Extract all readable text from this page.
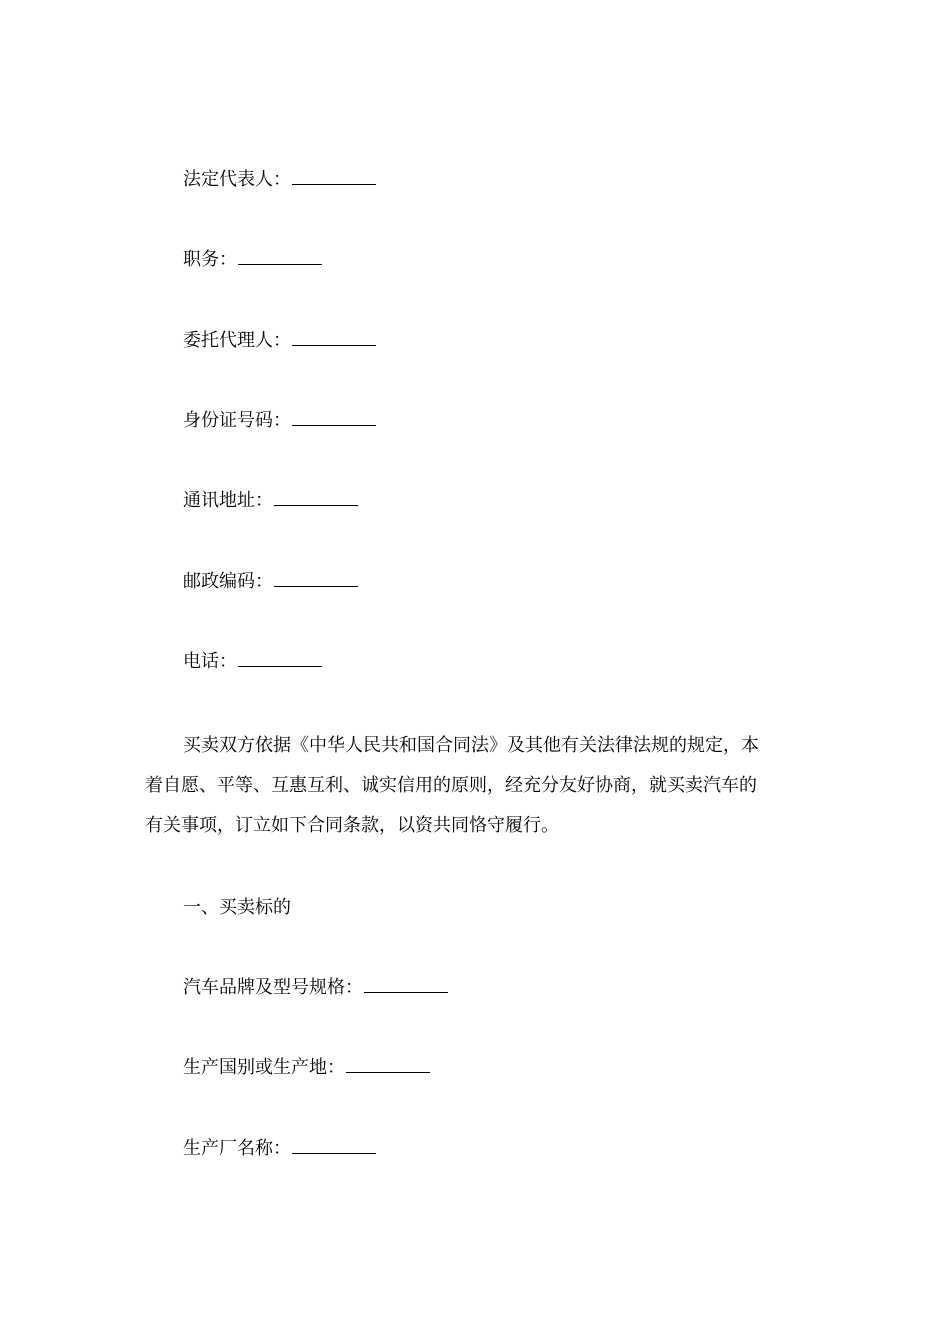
法定代表人：
职务：
委托代理人：
身份证号码：
通讯地址：
邮政编码：
电话：
买卖双方依据《中华人民共和国合同法》及其他有关法律法规的规定，本
着自愿、平等、互惠互利、诚实信用的原则，经充分友好协商，就买卖汽车的
有关事项，订立如下合同条款，以资共同恪守履行。
一、买卖标的
汽车品牌及型号规格：
生产国别或生产地：
生产厂名称：
